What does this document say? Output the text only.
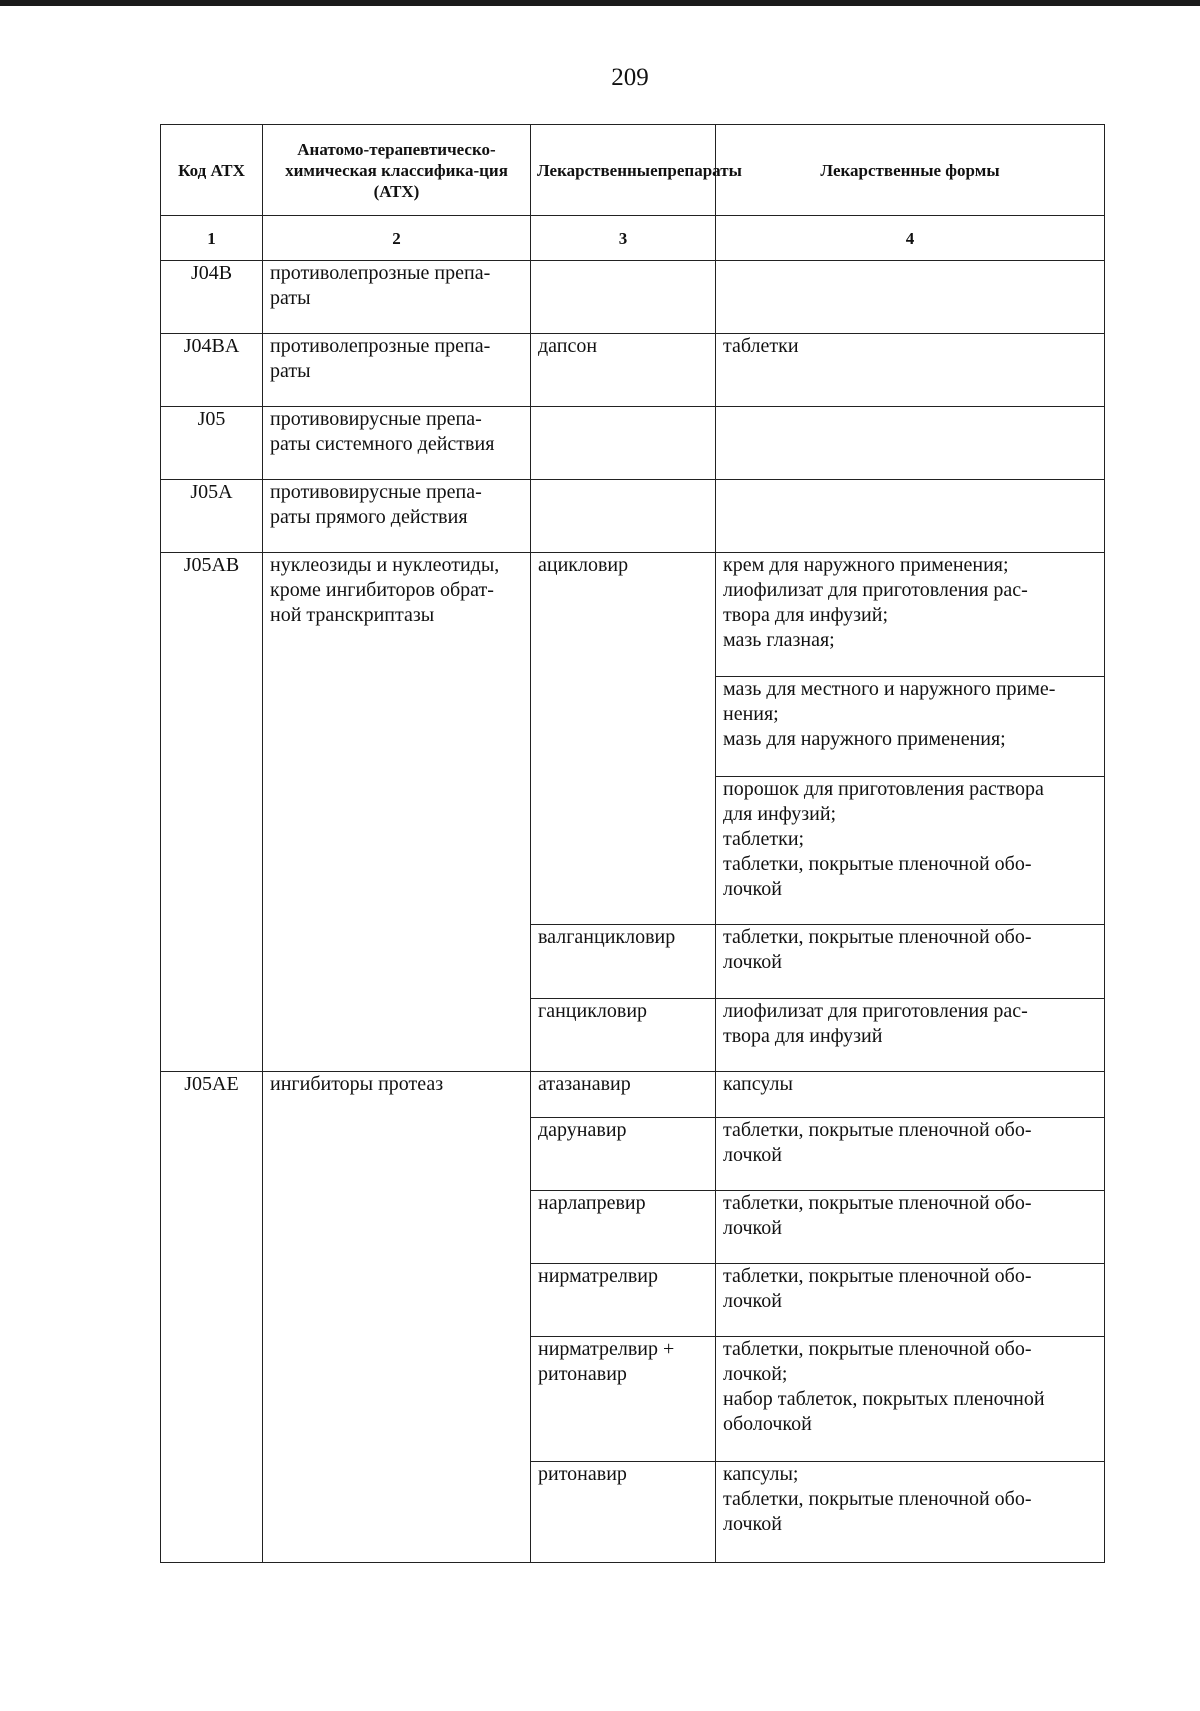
209
Код АТХ	Анатомо-терапевтическо-химическая классифика-ция (АТХ)	Лекарственныепрепараты	Лекарственные формы
1	2	3	4
J04B	противолепрозные препа-
раты		

J04BA	противолепрозные препа-
раты	дапсон	таблетки

J05	противовирусные препа-
раты системного действия		

J05A	противовирусные препа-
раты прямого действия		

J05AB	нуклеозиды и нуклеотиды,
кроме ингибиторов обрат-
ной транскриптазы	ацикловир	крем для наружного применения;
лиофилизат для приготовления рас-
твора для инфузий;
мазь глазная;

			мазь для местного и наружного приме-
нения;
мазь для наружного применения;

			порошок для приготовления раствора
для инфузий;
таблетки;
таблетки, покрытые пленочной обо-
лочкой

		валганцикловир	таблетки, покрытые пленочной обо-
лочкой

		ганцикловир	лиофилизат для приготовления рас-
твора для инфузий

J05AE	ингибиторы протеаз	атазанавир	капсулы

		дарунавир	таблетки, покрытые пленочной обо-
лочкой

		нарлапревир	таблетки, покрытые пленочной обо-
лочкой

		нирматрелвир	таблетки, покрытые пленочной обо-
лочкой

		нирматрелвир +
ритонавир	таблетки, покрытые пленочной обо-
лочкой;
набор таблеток, покрытых пленочной
оболочкой

		ритонавир	капсулы;
таблетки, покрытые пленочной обо-
лочкой
